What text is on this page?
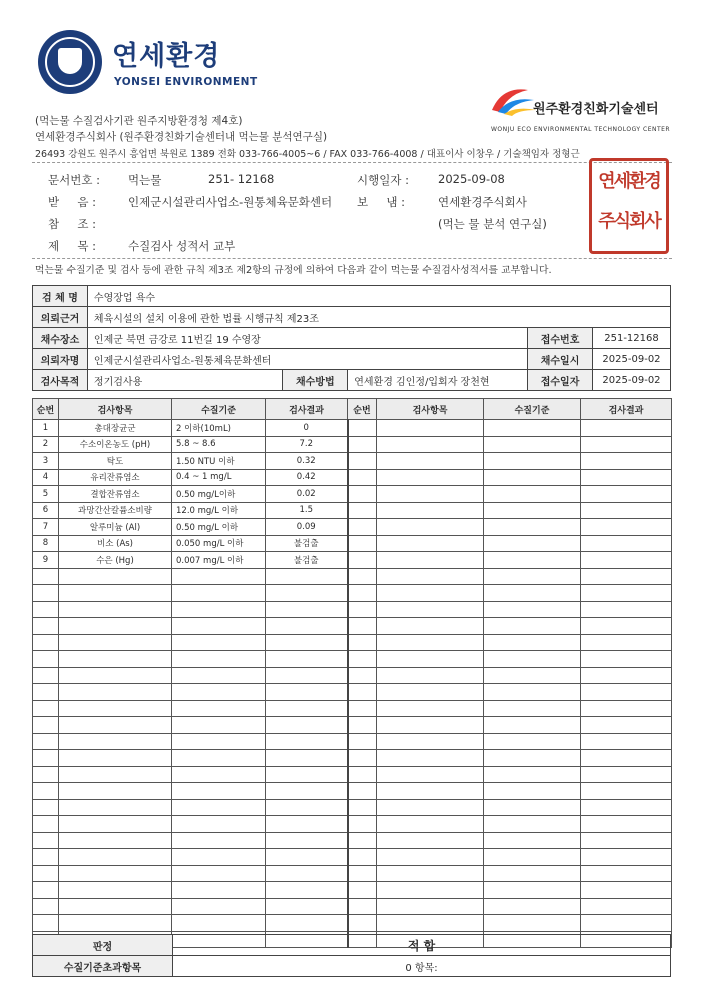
연세환경
YONSEI ENVIRONMENT
원주환경친화기술센터
WONJU ECO ENVIRONMENTAL TECHNOLOGY CENTER
(먹는물 수질검사기관 원주지방환경청 제4호)
연세환경주식회사 (원주환경친화기술센터내 먹는물 분석연구실)
26493 강원도 원주시 흥업면 북원로 1389 전화 033-766-4005~6 / FAX 033-766-4008 / 대표이사 이창우 / 기술책임자 정형근
문서번호 : 먹는물	251- 12168	시행일자 :	2025-09-08
받     음 :	인제군시설관리사업소-원통체육문화센터 보     냄 :	연세환경주식회사
참     조 :	(먹는 물 분석 연구실)
제     목 :	수질검사 성적서 교부
연세환경
주식회사
먹는물 수질기준 및 검사 등에 관한 규칙 제3조 제2항의 규정에 의하여 다음과 같이 먹는물 수질검사성적서를 교부합니다.
검 체 명	수영장업 욕수				
의뢰근거	체육시설의 설치 이용에 관한 법률 시행규칙 제23조				
채수장소	인제군 북면 금강로 11번길 19 수영장			접수번호	251-12168
의뢰자명	인제군시설관리사업소-원통체육문화센터			채수일시	2025-09-02
검사목적	정기검사용	채수방법	연세환경 김인정/입회자 장천현	접수일자	2025-09-02
순번	검사항목	수질기준	검사결과	순번	검사항목	수질기준	검사결과
1	총대장균군	2 이하(10mL)	0				
2	수소이온농도 (pH)	5.8 ~ 8.6	7.2				
3	탁도	1.50 NTU 이하	0.32				
4	유리잔류염소	0.4 ~ 1 mg/L	0.42				
5	결합잔류염소	0.50 mg/L이하	0.02				
6	과망간산칼륨소비량	12.0 mg/L 이하	1.5				
7	알루미늄 (Al)	0.50 mg/L 이하	0.09				
8	비소 (As)	0.050 mg/L 이하	불검출				
9	수은 (Hg)	0.007 mg/L 이하	불검출				

판정	적 합
수질기준초과항목	0 항목:
